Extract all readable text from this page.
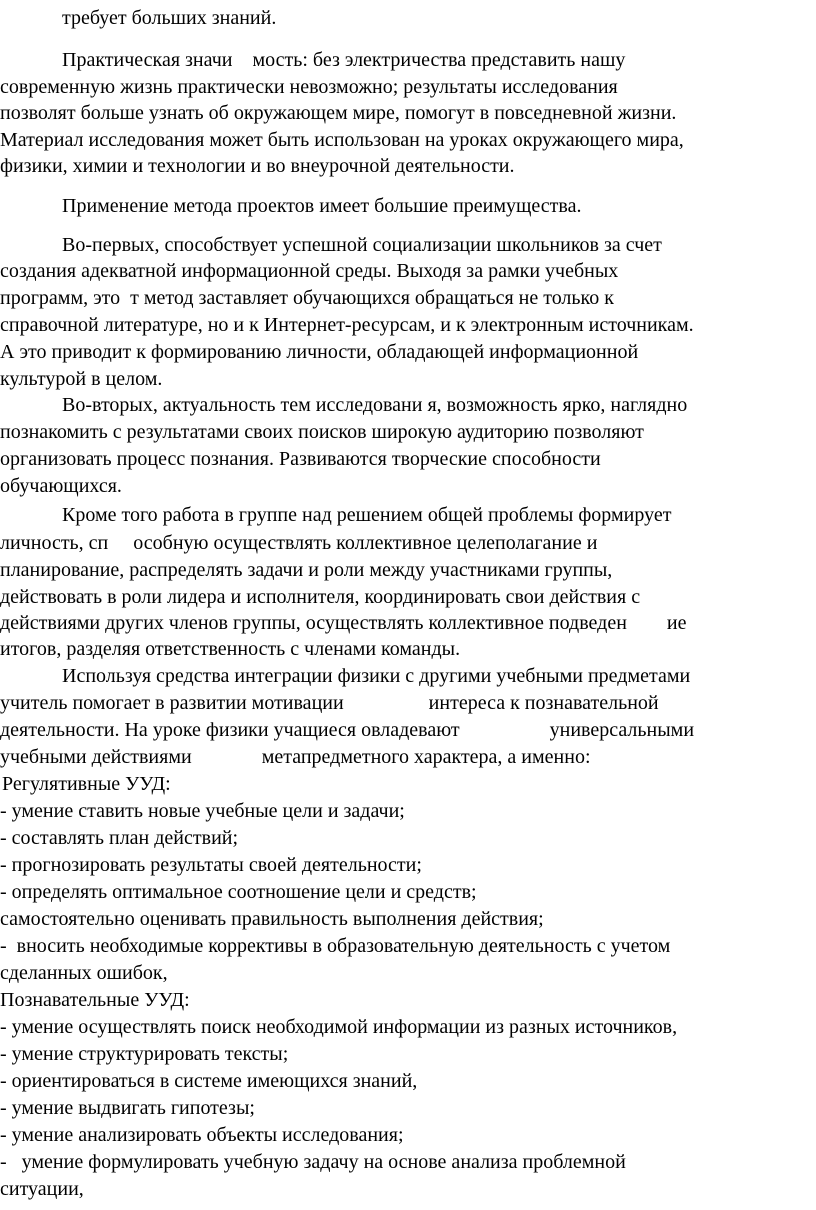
требует больших знаний.
Практическая значи    мость: без электричества представить нашу
современную жизнь практически невозможно; результаты исследования
позволят больше узнать об окружающем мире, помогут в повседневной жизни.
Материал исследования может быть использован на уроках окружающего мира,
физики, химии и технологии и во внеурочной деятельности.
Применение метода проектов имеет большие преимущества.
Во-первых, способствует успешной социализации школьников за счет
создания адекватной информационной среды. Выходя за рамки учебных
программ, это  т метод заставляет обучающихся обращаться не только к
справочной литературе, но и к Интернет-ресурсам, и к электронным источникам.
А это приводит к формированию личности, обладающей информационной
культурой в целом.
Во-вторых, актуальность тем исследовани я, возможность ярко, наглядно
познакомить с результатами своих поисков широкую аудиторию позволяют
организовать процесс познания. Развиваются творческие способности
обучающихся.
Кроме того работа в группе над решением общей проблемы формирует
личность, сп     особную осуществлять коллективное целеполагание и
планирование, распределять задачи и роли между участниками группы,
действовать в роли лидера и исполнителя, координировать свои действия с
действиями других членов группы, осуществлять коллективное подведен        ие
итогов, разделяя ответственность с членами команды.
Используя средства интеграции физики с другими учебными предметами
учитель помогает в развитии мотивации                 интереса к познавательной
деятельности. На уроке физики учащиеся овладевают                  универсальными
учебными действиями              метапредметного характера, а именно:
Регулятивные УУД:
- умение ставить новые учебные цели и задачи;
- составлять план действий;
- прогнозировать результаты своей деятельности;
- определять оптимальное соотношение цели и средств;
самостоятельно оценивать правильность выполнения действия;
-  вносить необходимые коррективы в образовательную деятельность с учетом
сделанных ошибок,
Познавательные УУД:
- умение осуществлять поиск необходимой информации из разных источников,
- умение структурировать тексты;
- ориентироваться в системе имеющихся знаний,
- умение выдвигать гипотезы;
- умение анализировать объекты исследования;
-   умение формулировать учебную задачу на основе анализа проблемной
ситуации,
